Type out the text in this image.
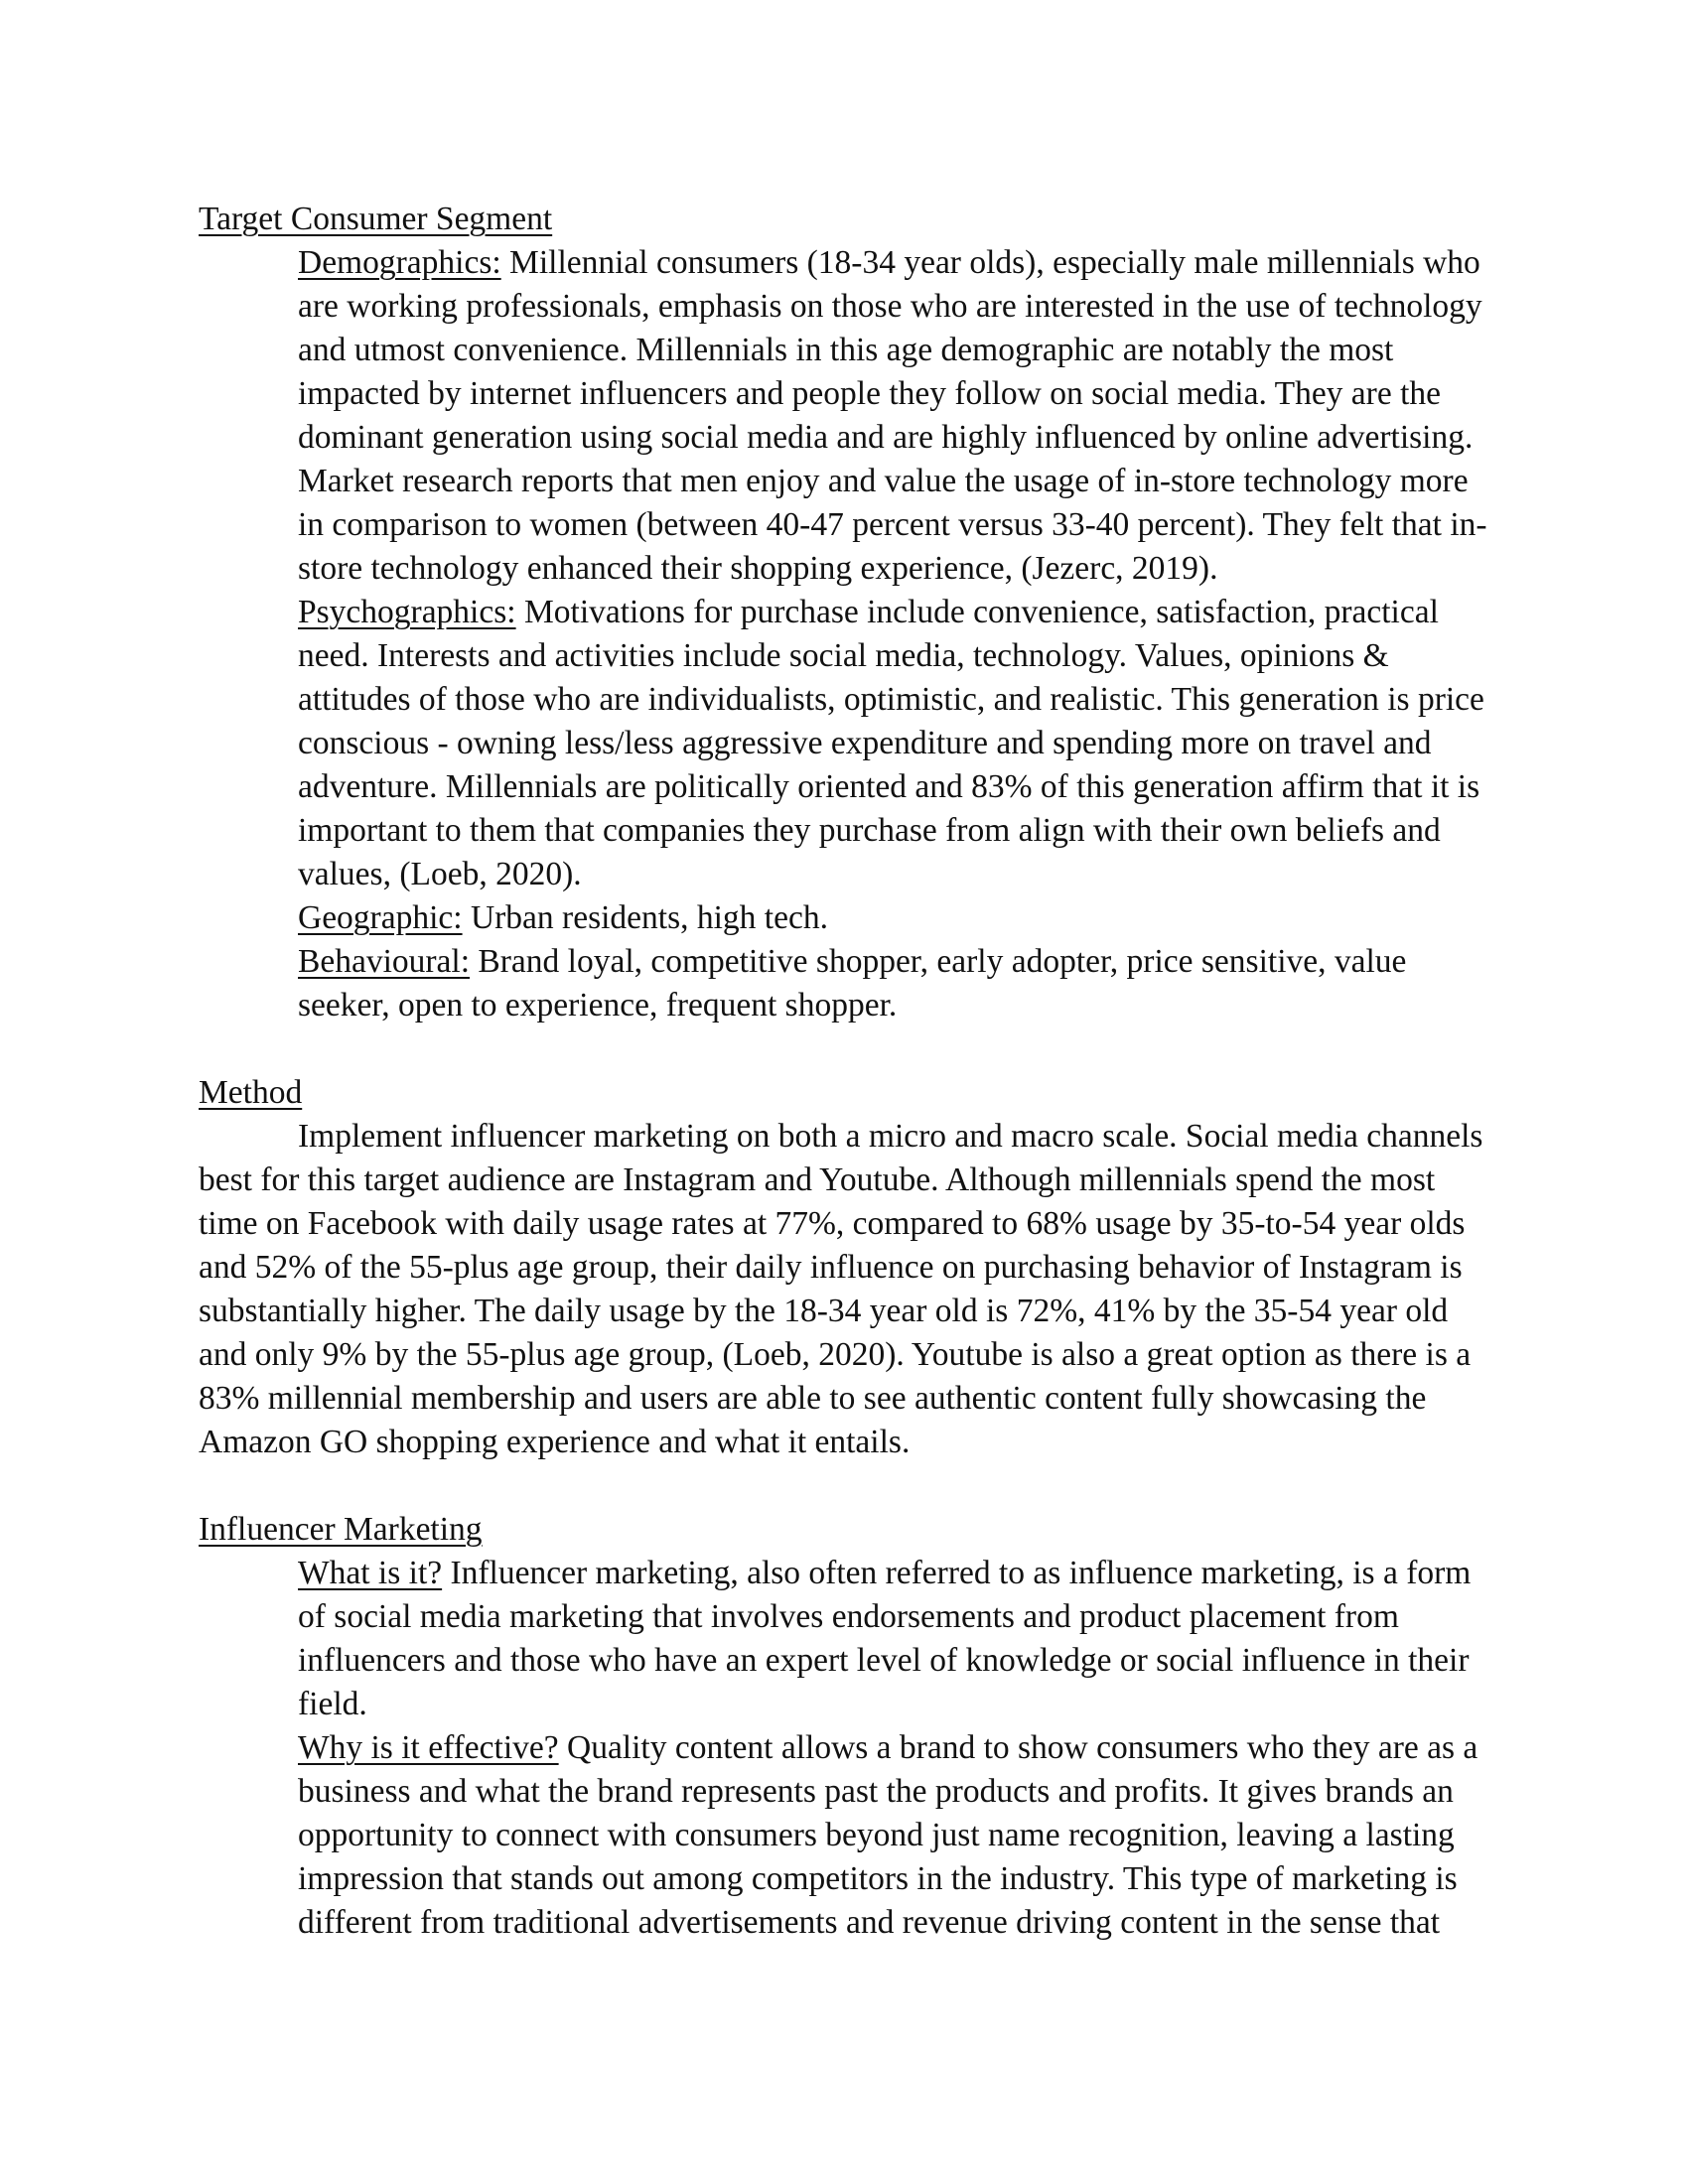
Target Consumer Segment

Demographics: Millennial consumers (18-34 year olds), especially male millennials who are working professionals, emphasis on those who are interested in the use of technology and utmost convenience. Millennials in this age demographic are notably the most impacted by internet influencers and people they follow on social media. They are the dominant generation using social media and are highly influenced by online advertising. Market research reports that men enjoy and value the usage of in-store technology more in comparison to women (between 40-47 percent versus 33-40 percent). They felt that in-store technology enhanced their shopping experience, (Jezerc, 2019).

Psychographics: Motivations for purchase include convenience, satisfaction, practical need. Interests and activities include social media, technology. Values, opinions & attitudes of those who are individualists, optimistic, and realistic. This generation is price conscious - owning less/less aggressive expenditure and spending more on travel and adventure. Millennials are politically oriented and 83% of this generation affirm that it is important to them that companies they purchase from align with their own beliefs and values, (Loeb, 2020).

Geographic: Urban residents, high tech.

Behavioural: Brand loyal, competitive shopper, early adopter, price sensitive, value seeker, open to experience, frequent shopper.

Method

Implement influencer marketing on both a micro and macro scale. Social media channels best for this target audience are Instagram and Youtube. Although millennials spend the most time on Facebook with daily usage rates at 77%, compared to 68% usage by 35-to-54 year olds and 52% of the 55-plus age group, their daily influence on purchasing behavior of Instagram is substantially higher. The daily usage by the 18-34 year old is 72%, 41% by the 35-54 year old and only 9% by the 55-plus age group, (Loeb, 2020). Youtube is also a great option as there is a 83% millennial membership and users are able to see authentic content fully showcasing the Amazon GO shopping experience and what it entails.

Influencer Marketing

What is it? Influencer marketing, also often referred to as influence marketing, is a form of social media marketing that involves endorsements and product placement from influencers and those who have an expert level of knowledge or social influence in their field.

Why is it effective? Quality content allows a brand to show consumers who they are as a business and what the brand represents past the products and profits. It gives brands an opportunity to connect with consumers beyond just name recognition, leaving a lasting impression that stands out among competitors in the industry. This type of marketing is different from traditional advertisements and revenue driving content in the sense that
